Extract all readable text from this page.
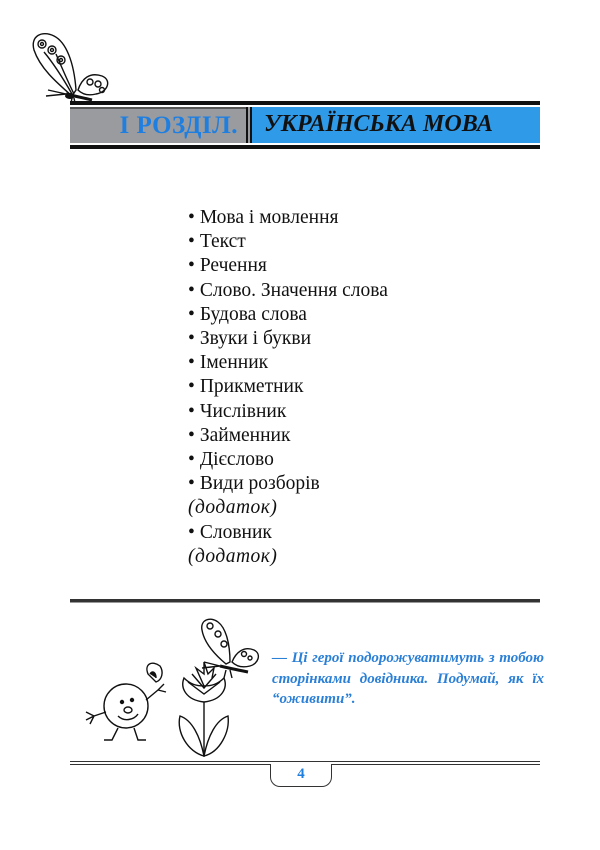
І РОЗДІЛ. УКРАЇНСЬКА МОВА
• Мова і мовлення
• Текст
• Речення
• Слово. Значення слова
• Будова слова
• Звуки і букви
• Іменник
• Прикметник
• Числівник
• Займенник
• Дієслово
• Види розборів
(додаток)
• Словник
(додаток)
— Ці герої подорожуватимуть з тобою сторінками довідника. Подумай, як їх “оживити”.
4
